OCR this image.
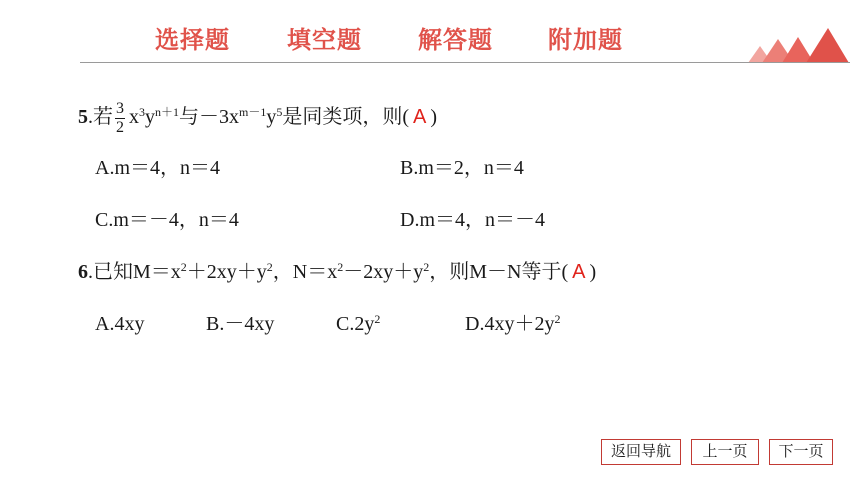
选择题 填空题 解答题 附加题
5.若 $\frac{3}{2} x^3y^{n+1}$与$-3x^{m-1}y^5$是同类项，则( A )
A.m＝4，n＝4	B.m＝2，n＝4
C.m＝－4，n＝4	D.m＝4，n＝－4
6.已知$M=x^2+2xy+y^2$，$N=x^2-2xy+y^2$，则M－N等于( A )
A.4xy	B.－4xy	$C.2y^2$	$D.4xy+2y^2$
返回导航	上一页	下一页
